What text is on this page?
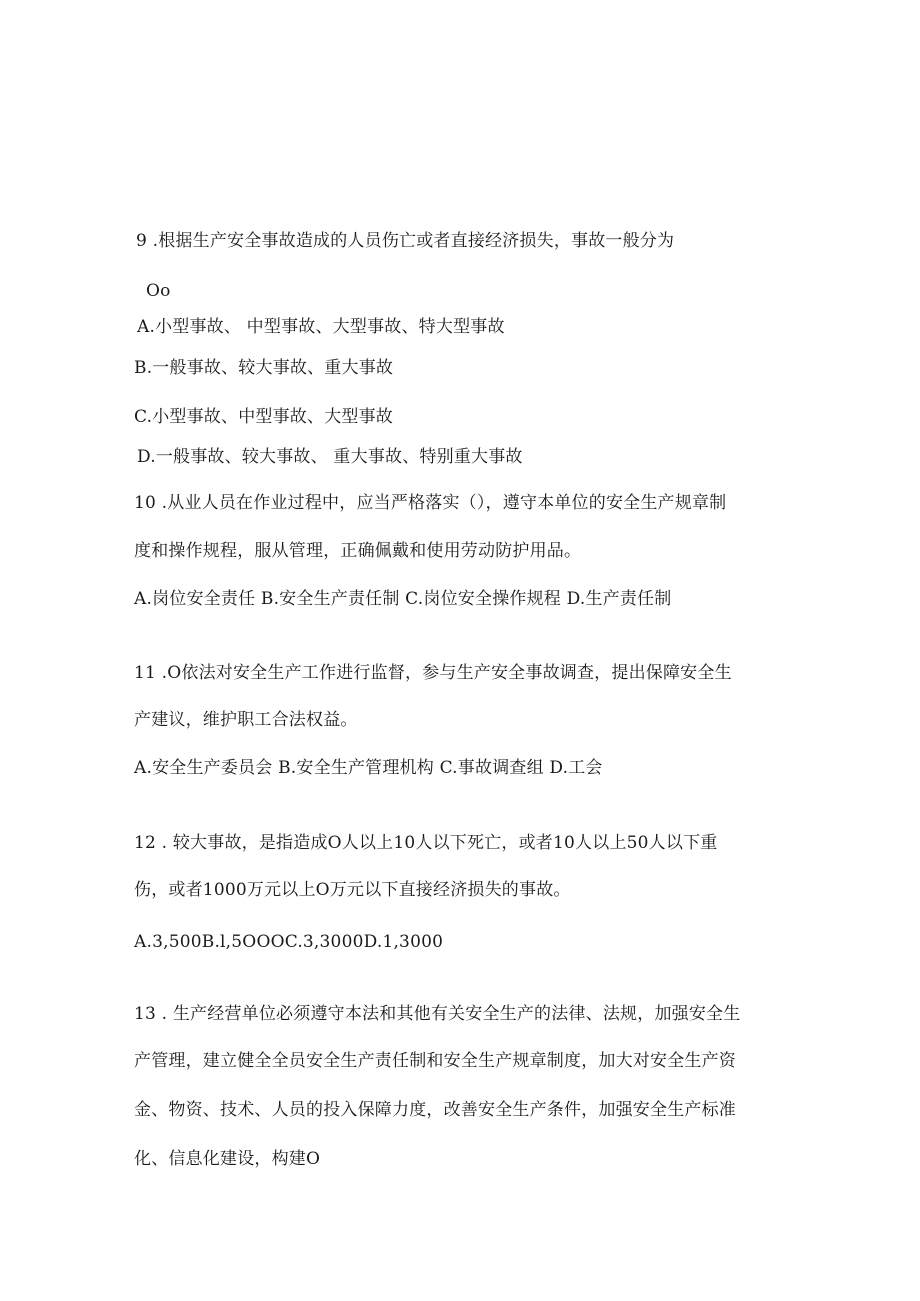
9 .根据生产安全事故造成的人员伤亡或者直接经济损失，事故一般分为
Oo
A.小型事故、 中型事故、大型事故、特大型事故
B.一般事故、较大事故、重大事故
C.小型事故、中型事故、大型事故
D.一般事故、较大事故、 重大事故、特别重大事故
10 .从业人员在作业过程中，应当严格落实（），遵守本单位的安全生产规章制
度和操作规程，服从管理，正确佩戴和使用劳动防护用品。
A.岗位安全责任 B.安全生产责任制 C.岗位安全操作规程 D.生产责任制
11 .O依法对安全生产工作进行监督，参与生产安全事故调查，提出保障安全生
产建议，维护职工合法权益。
A.安全生产委员会 B.安全生产管理机构 C.事故调查组 D.工会
12 . 较大事故，是指造成O人以上10人以下死亡，或者10人以上50人以下重
伤，或者1000万元以上O万元以下直接经济损失的事故。
A.3,500B.l,5OOOC.3,3000D.1,3000
13 . 生产经营单位必须遵守本法和其他有关安全生产的法律、法规，加强安全生
产管理，建立健全全员安全生产责任制和安全生产规章制度，加大对安全生产资
金、物资、技术、人员的投入保障力度，改善安全生产条件，加强安全生产标准
化、信息化建设，构建O
